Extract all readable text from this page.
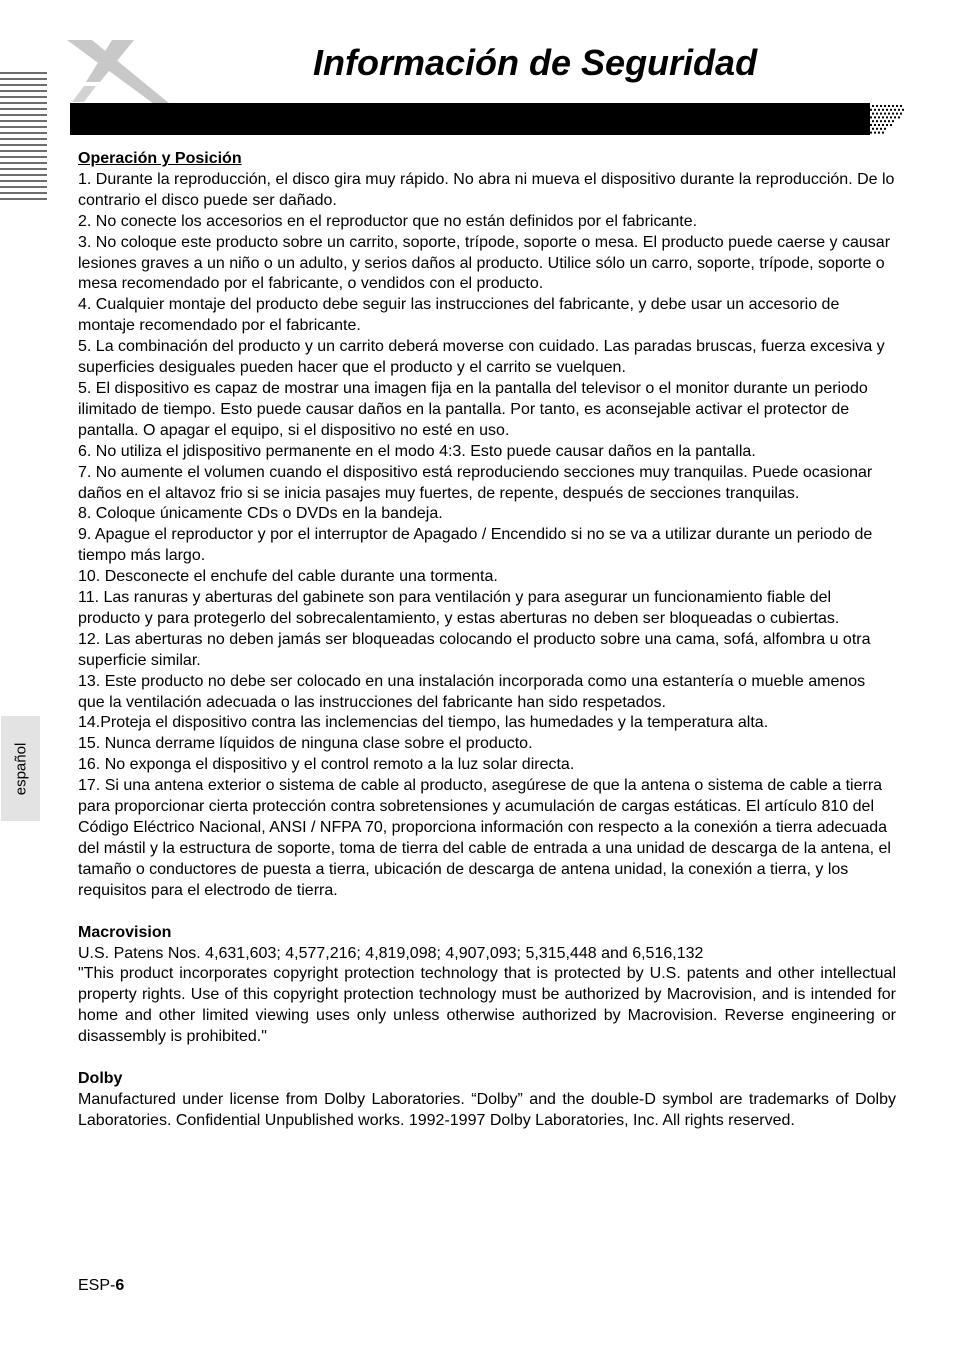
Información de Seguridad
español

Operación y Posición

1. Durante la reproducción, el disco gira muy rápido. No abra ni mueva el dispositivo durante la reproducción. De lo contrario el disco puede ser dañado.

2. No conecte los accesorios en el reproductor que no están definidos por el fabricante.

3. No coloque este producto sobre un carrito, soporte, trípode, soporte o mesa. El producto puede caerse y causar lesiones graves a un niño o un adulto, y serios daños al producto. Utilice sólo un carro, soporte, trípode, soporte o mesa recomendado por el fabricante, o vendidos con el producto.

4. Cualquier montaje del producto debe seguir las instrucciones del fabricante, y debe usar un accesorio de montaje recomendado por el fabricante.

5. La combinación del producto y un carrito deberá moverse con cuidado. Las paradas bruscas, fuerza excesiva y superficies desiguales pueden hacer que el producto y el carrito se vuelquen.

5. El dispositivo es capaz de mostrar una imagen fija en la pantalla del televisor o el monitor durante un periodo ilimitado de tiempo. Esto puede causar daños en la pantalla. Por tanto, es aconsejable activar el protector de pantalla. O apagar el equipo, si el dispositivo no esté en uso.

6. No utiliza el jdispositivo permanente en el modo 4:3. Esto puede causar daños en la pantalla.

7. No aumente el volumen cuando el dispositivo está reproduciendo secciones muy tranquilas. Puede ocasionar daños en el altavoz frio si se inicia pasajes muy fuertes, de repente, después de secciones tranquilas.

8. Coloque únicamente CDs o DVDs en la bandeja.

9. Apague el reproductor y por el interruptor de Apagado / Encendido si no se va a utilizar durante un periodo de tiempo más largo.

10. Desconecte el enchufe del cable durante una tormenta.

11. Las ranuras y aberturas del gabinete son para ventilación y para asegurar un funcionamiento fiable del producto y para protegerlo del sobrecalentamiento, y estas aberturas no deben ser bloqueadas o cubiertas.

12. Las aberturas no deben jamás ser bloqueadas colocando el producto sobre una cama, sofá, alfombra u otra superficie similar.

13. Este producto no debe ser colocado en una instalación incorporada como una estantería o mueble amenos que la ventilación adecuada o las instrucciones del fabricante han sido respetados.

14.Proteja el dispositivo contra las inclemencias del tiempo, las humedades y la temperatura alta.

15. Nunca derrame líquidos de ninguna clase sobre el producto.

16. No exponga el dispositivo y el control remoto a la luz solar directa.

17. Si una antena exterior o sistema de cable al producto, asegúrese de que la antena o sistema de cable a tierra para proporcionar cierta protección contra sobretensiones y acumulación de cargas estáticas. El artículo 810 del Código Eléctrico Nacional, ANSI / NFPA 70, proporciona información con respecto a la conexión a tierra adecuada del mástil y la estructura de soporte, toma de tierra del cable de entrada a una unidad de descarga de la antena, el tamaño o conductores de puesta a tierra, ubicación de descarga de antena unidad, la conexión a tierra, y los requisitos para el electrodo de tierra.

Macrovision

U.S. Patens Nos. 4,631,603; 4,577,216; 4,819,098; 4,907,093; 5,315,448 and 6,516,132

"This product incorporates copyright protection technology that is protected by U.S. patents and other intellectual property rights. Use of this copyright protection technology must be authorized by Macrovision, and is intended for home and other limited viewing uses only unless otherwise authorized by Macrovision. Reverse engineering or disassembly is prohibited."

Dolby

Manufactured under license from Dolby Laboratories. “Dolby” and the double-D symbol are trademarks of Dolby Laboratories. Confidential Unpublished works. 1992-1997 Dolby Laboratories, Inc. All rights reserved.

ESP-6
